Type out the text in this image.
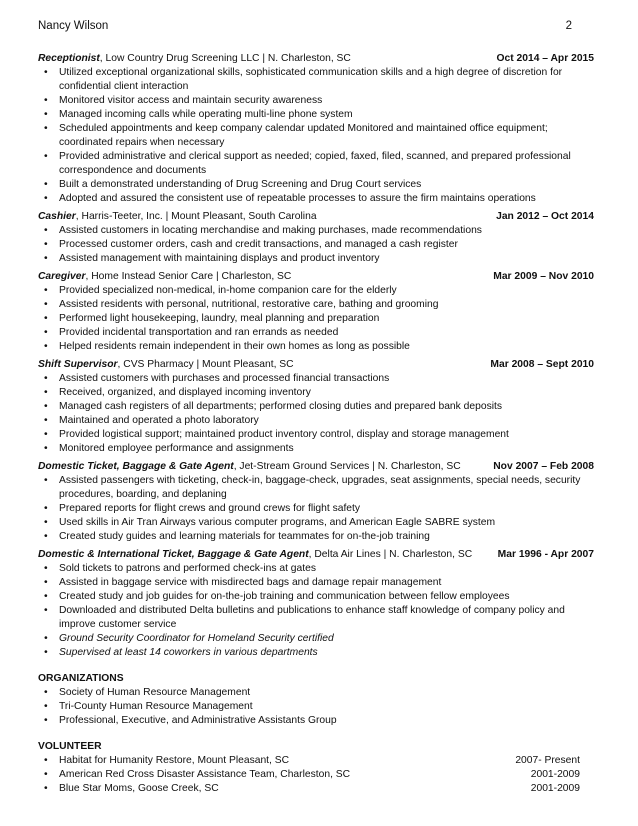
Nancy Wilson	2
Receptionist, Low Country Drug Screening LLC | N. Charleston, SC	Oct 2014 – Apr 2015
• Utilized exceptional organizational skills, sophisticated communication skills and a high degree of discretion for confidential client interaction
• Monitored visitor access and maintain security awareness
• Managed incoming calls while operating multi-line phone system
• Scheduled appointments and keep company calendar updated Monitored and maintained office equipment; coordinated repairs when necessary
• Provided administrative and clerical support as needed; copied, faxed, filed, scanned, and prepared professional correspondence and documents
• Built a demonstrated understanding of Drug Screening and Drug Court services
• Adopted and assured the consistent use of repeatable processes to assure the firm maintains operations
Cashier, Harris-Teeter, Inc. | Mount Pleasant, South Carolina	Jan 2012 – Oct 2014
• Assisted customers in locating merchandise and making purchases, made recommendations
• Processed customer orders, cash and credit transactions, and managed a cash register
• Assisted management with maintaining displays and product inventory
Caregiver, Home Instead Senior Care | Charleston, SC	Mar 2009 – Nov 2010
• Provided specialized non-medical, in-home companion care for the elderly
• Assisted residents with personal, nutritional, restorative care, bathing and grooming
• Performed light housekeeping, laundry, meal planning and preparation
• Provided incidental transportation and ran errands as needed
• Helped residents remain independent in their own homes as long as possible
Shift Supervisor, CVS Pharmacy | Mount Pleasant, SC	Mar 2008 – Sept 2010
• Assisted customers with purchases and processed financial transactions
• Received, organized, and displayed incoming inventory
• Managed cash registers of all departments; performed closing duties and prepared bank deposits
• Maintained and operated a photo laboratory
• Provided logistical support; maintained product inventory control, display and storage management
• Monitored employee performance and assignments
Domestic Ticket, Baggage & Gate Agent, Jet-Stream Ground Services | N. Charleston, SC	Nov 2007 – Feb 2008
• Assisted passengers with ticketing, check-in, baggage-check, upgrades, seat assignments, special needs, security procedures, boarding, and deplaning
• Prepared reports for flight crews and ground crews for flight safety
• Used skills in Air Tran Airways various computer programs, and American Eagle SABRE system
• Created study guides and learning materials for teammates for on-the-job training
Domestic & International Ticket, Baggage & Gate Agent, Delta Air Lines | N. Charleston, SC Mar 1996 - Apr 2007
• Sold tickets to patrons and performed check-ins at gates
• Assisted in baggage service with misdirected bags and damage repair management
• Created study and job guides for on-the-job training and communication between fellow employees
• Downloaded and distributed Delta bulletins and publications to enhance staff knowledge of company policy and improve customer service
• Ground Security Coordinator for Homeland Security certified
• Supervised at least 14 coworkers in various departments
ORGANIZATIONS
• Society of Human Resource Management
• Tri-County Human Resource Management
• Professional, Executive, and Administrative Assistants Group
VOLUNTEER
• Habitat for Humanity Restore, Mount Pleasant, SC	2007- Present
• American Red Cross Disaster Assistance Team, Charleston, SC	2001-2009
• Blue Star Moms, Goose Creek, SC	2001-2009
